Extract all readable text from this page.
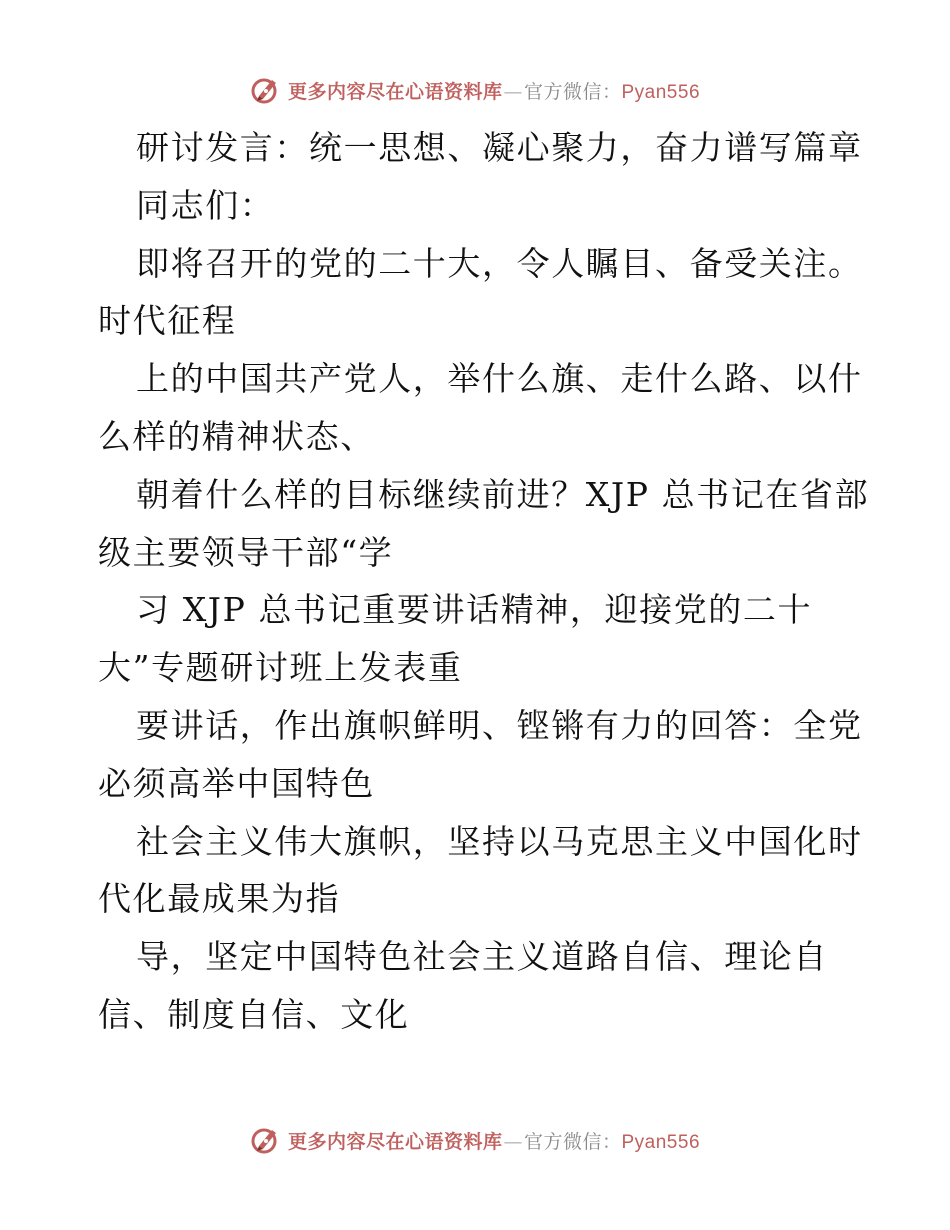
更多内容尽在心语资料库—官方微信：Pyan556
研讨发言：统一思想、凝心聚力，奋力谱写篇章
同志们：
即将召开的党的二十大，令人瞩目、备受关注。
时代征程
上的中国共产党人，举什么旗、走什么路、以什
么样的精神状态、
朝着什么样的目标继续前进？XJP 总书记在省部
级主要领导干部“学
习 XJP 总书记重要讲话精神，迎接党的二十
大”专题研讨班上发表重
要讲话，作出旗帜鲜明、铿锵有力的回答：全党
必须高举中国特色
社会主义伟大旗帜，坚持以马克思主义中国化时
代化最成果为指
导，坚定中国特色社会主义道路自信、理论自
信、制度自信、文化
更多内容尽在心语资料库—官方微信：Pyan556
